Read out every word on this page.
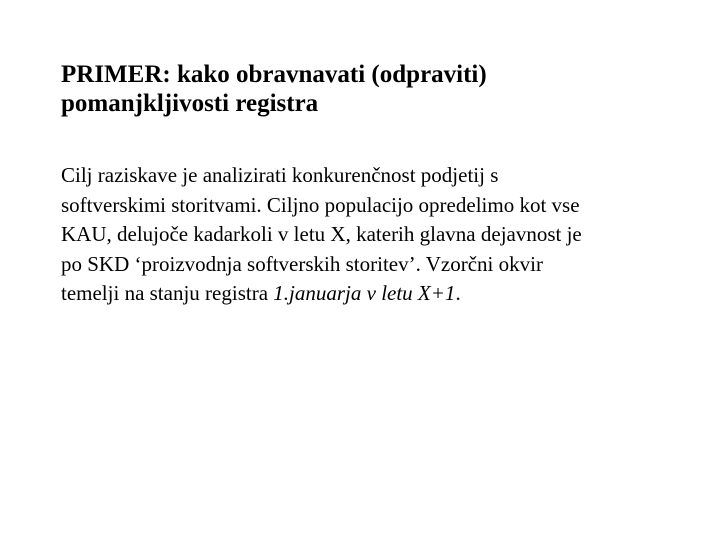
PRIMER: kako obravnavati (odpraviti)
pomanjkljivosti registra

Cilj raziskave je analizirati konkurenčnost podjetij s
softverskimi storitvami. Ciljno populacijo opredelimo kot vse
KAU, delujoče kadarkoli v letu X, katerih glavna dejavnost je
po SKD ‘proizvodnja softverskih storitev’. Vzorčni okvir
temelji na stanju registra 1.januarja v letu X+1.
